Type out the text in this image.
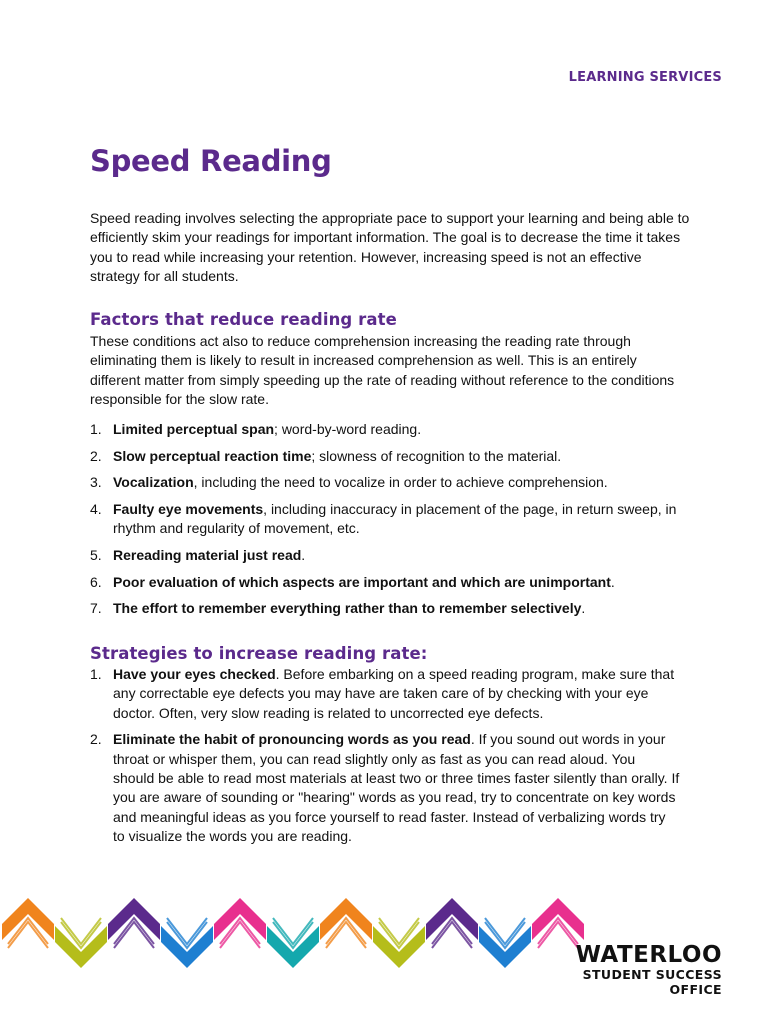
LEARNING SERVICES
Speed Reading

Speed reading involves selecting the appropriate pace to support your learning and being able to efficiently skim your readings for important information. The goal is to decrease the time it takes you to read while increasing your retention. However, increasing speed is not an effective strategy for all students.

Factors that reduce reading rate

These conditions act also to reduce comprehension increasing the reading rate through eliminating them is likely to result in increased comprehension as well. This is an entirely different matter from simply speeding up the rate of reading without reference to the conditions responsible for the slow rate.

1. Limited perceptual span; word-by-word reading.
2. Slow perceptual reaction time; slowness of recognition to the material.
3. Vocalization, including the need to vocalize in order to achieve comprehension.
4. Faulty eye movements, including inaccuracy in placement of the page, in return sweep, in rhythm and regularity of movement, etc.
5. Rereading material just read.
6. Poor evaluation of which aspects are important and which are unimportant.
7. The effort to remember everything rather than to remember selectively.
Strategies to increase reading rate:
1. Have your eyes checked. Before embarking on a speed reading program, make sure that any correctable eye defects you may have are taken care of by checking with your eye doctor. Often, very slow reading is related to uncorrected eye defects.
2. Eliminate the habit of pronouncing words as you read. If you sound out words in your throat or whisper them, you can read slightly only as fast as you can read aloud. You should be able to read most materials at least two or three times faster silently than orally. If you are aware of sounding or "hearing" words as you read, try to concentrate on key words and meaningful ideas as you force yourself to read faster. Instead of verbalizing words try to visualize the words you are reading.
WATERLOO
STUDENT SUCCESS
OFFICE
